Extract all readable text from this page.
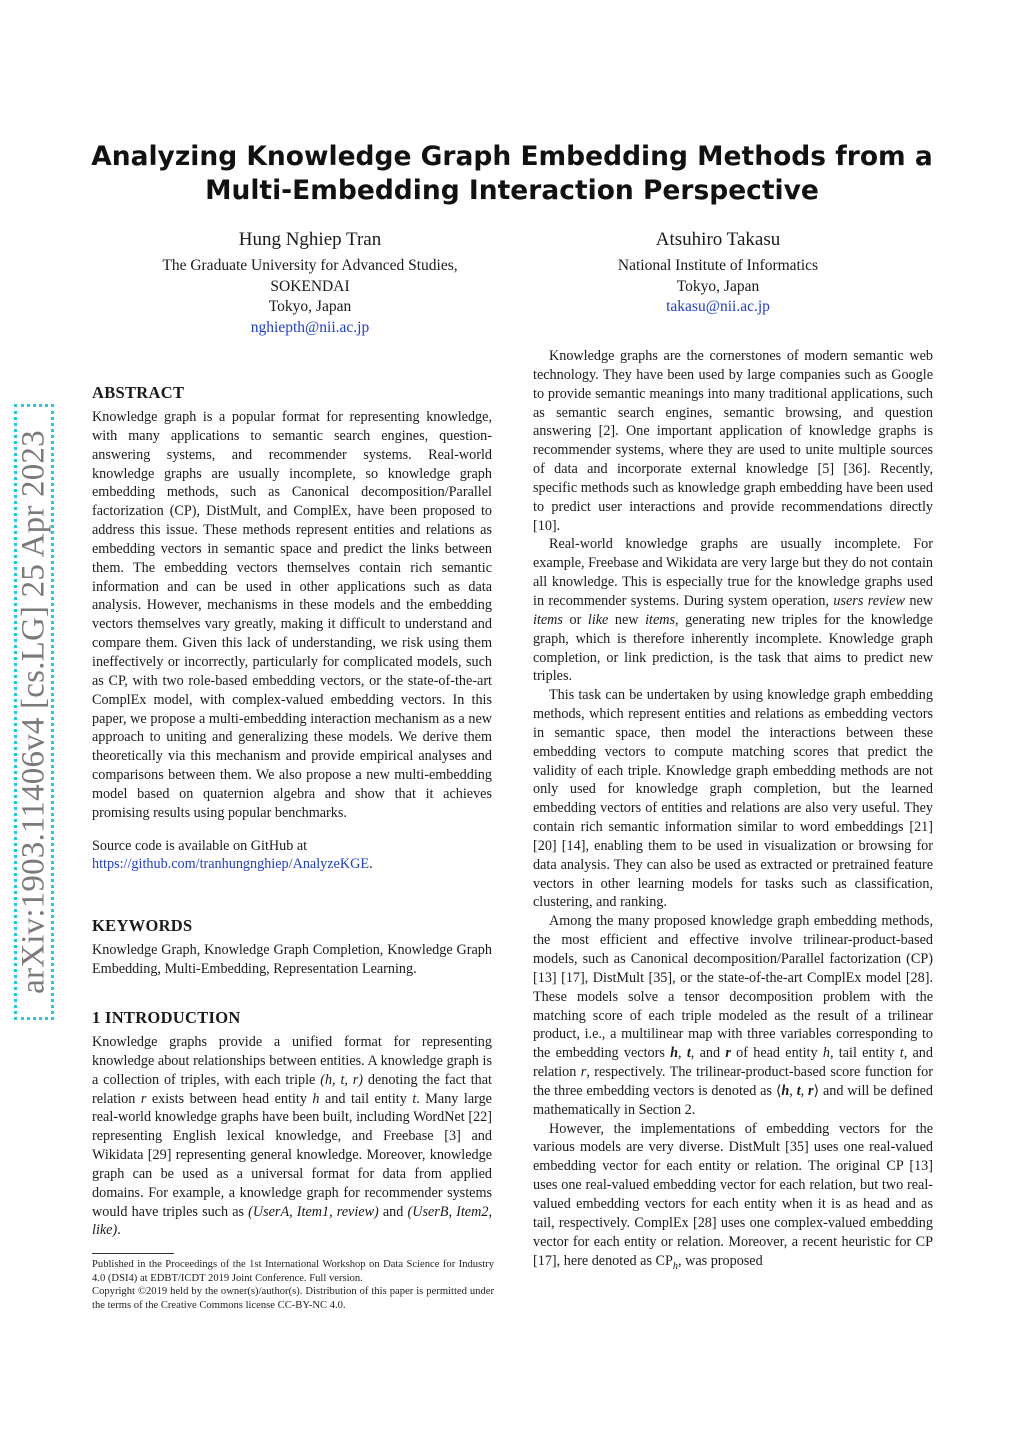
arXiv:1903.11406v4 [cs.LG] 25 Apr 2023
Analyzing Knowledge Graph Embedding Methods from a
Multi-Embedding Interaction Perspective
Hung Nghiep Tran
The Graduate University for Advanced Studies,
SOKENDAI
Tokyo, Japan
nghiepth@nii.ac.jp
Atsuhiro Takasu
National Institute of Informatics
Tokyo, Japan
takasu@nii.ac.jp
ABSTRACT

Knowledge graph is a popular format for representing knowledge, with many applications to semantic search engines, question-answering systems, and recommender systems. Real-world knowledge graphs are usually incomplete, so knowledge graph embedding methods, such as Canonical decomposition/Parallel factorization (CP), DistMult, and ComplEx, have been proposed to address this issue. These methods represent entities and relations as embedding vectors in semantic space and predict the links between them. The embedding vectors themselves contain rich semantic information and can be used in other applications such as data analysis. However, mechanisms in these models and the embedding vectors themselves vary greatly, making it difficult to understand and compare them. Given this lack of understanding, we risk using them ineffectively or incorrectly, particularly for complicated models, such as CP, with two role-based embedding vectors, or the state-of-the-art ComplEx model, with complex-valued embedding vectors. In this paper, we propose a multi-embedding interaction mechanism as a new approach to uniting and generalizing these models. We derive them theoretically via this mechanism and provide empirical analyses and comparisons between them. We also propose a new multi-embedding model based on quaternion algebra and show that it achieves promising results using popular benchmarks.

Source code is available on GitHub at
https://github.com/tranhungnghiep/AnalyzeKGE.

KEYWORDS

Knowledge Graph, Knowledge Graph Completion, Knowledge Graph Embedding, Multi-Embedding, Representation Learning.

1 INTRODUCTION

Knowledge graphs provide a unified format for representing knowledge about relationships between entities. A knowledge graph is a collection of triples, with each triple (h, t, r) denoting the fact that relation r exists between head entity h and tail entity t. Many large real-world knowledge graphs have been built, including WordNet [22] representing English lexical knowledge, and Freebase [3] and Wikidata [29] representing general knowledge. Moreover, knowledge graph can be used as a universal format for data from applied domains. For example, a knowledge graph for recommender systems would have triples such as (UserA, Item1, review) and (UserB, Item2, like).

Published in the Proceedings of the 1st International Workshop on Data Science for Industry 4.0 (DSI4) at EDBT/ICDT 2019 Joint Conference. Full version.
Copyright ©2019 held by the owner(s)/author(s). Distribution of this paper is permitted under the terms of the Creative Commons license CC-BY-NC 4.0.

Knowledge graphs are the cornerstones of modern semantic web technology. They have been used by large companies such as Google to provide semantic meanings into many traditional applications, such as semantic search engines, semantic browsing, and question answering [2]. One important application of knowledge graphs is recommender systems, where they are used to unite multiple sources of data and incorporate external knowledge [5] [36]. Recently, specific methods such as knowledge graph embedding have been used to predict user interactions and provide recommendations directly [10].

Real-world knowledge graphs are usually incomplete. For example, Freebase and Wikidata are very large but they do not contain all knowledge. This is especially true for the knowledge graphs used in recommender systems. During system operation, users review new items or like new items, generating new triples for the knowledge graph, which is therefore inherently incomplete. Knowledge graph completion, or link prediction, is the task that aims to predict new triples.

This task can be undertaken by using knowledge graph embedding methods, which represent entities and relations as embedding vectors in semantic space, then model the interactions between these embedding vectors to compute matching scores that predict the validity of each triple. Knowledge graph embedding methods are not only used for knowledge graph completion, but the learned embedding vectors of entities and relations are also very useful. They contain rich semantic information similar to word embeddings [21] [20] [14], enabling them to be used in visualization or browsing for data analysis. They can also be used as extracted or pretrained feature vectors in other learning models for tasks such as classification, clustering, and ranking.

Among the many proposed knowledge graph embedding methods, the most efficient and effective involve trilinear-product-based models, such as Canonical decomposition/Parallel factorization (CP) [13] [17], DistMult [35], or the state-of-the-art ComplEx model [28]. These models solve a tensor decomposition problem with the matching score of each triple modeled as the result of a trilinear product, i.e., a multilinear map with three variables corresponding to the embedding vectors h, t, and r of head entity h, tail entity t, and relation r, respectively. The trilinear-product-based score function for the three embedding vectors is denoted as ⟨h, t, r⟩ and will be defined mathematically in Section 2.

However, the implementations of embedding vectors for the various models are very diverse. DistMult [35] uses one real-valued embedding vector for each entity or relation. The original CP [13] uses one real-valued embedding vector for each relation, but two real-valued embedding vectors for each entity when it is as head and as tail, respectively. ComplEx [28] uses one complex-valued embedding vector for each entity or relation. Moreover, a recent heuristic for CP [17], here denoted as $CP_h$, was proposed
